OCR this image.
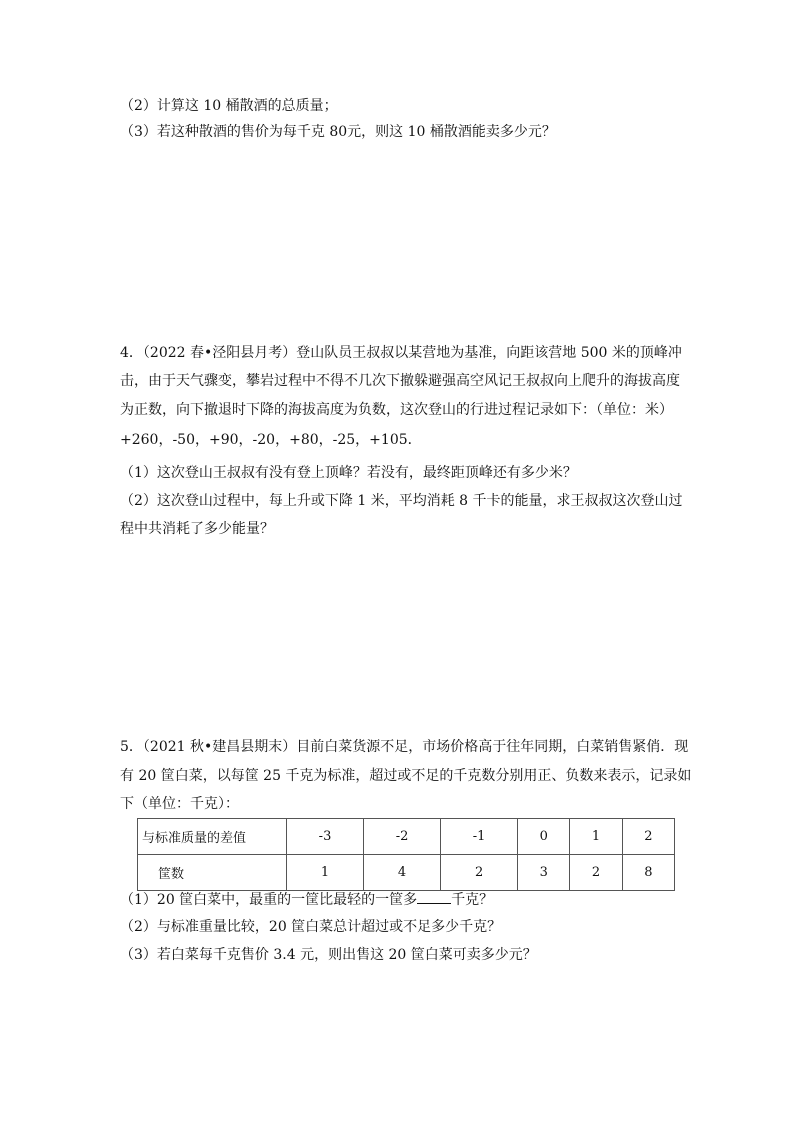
（2）计算这 10 桶散酒的总质量；
（3）若这种散酒的售价为每千克 80元，则这 10 桶散酒能卖多少元？
4．（2022 春•泾阳县月考）登山队员王叔叔以某营地为基准，向距该营地 500 米的顶峰冲
击，由于天气骤变，攀岩过程中不得不几次下撤躲避强高空风记王叔叔向上爬升的海拔高度
为正数，向下撤退时下降的海拔高度为负数，这次登山的行进过程记录如下：（单位：米）
+260，-50，+90，-20，+80，-25，+105．
（1）这次登山王叔叔有没有登上顶峰？若没有，最终距顶峰还有多少米？
（2）这次登山过程中，每上升或下降 1 米，平均消耗 8 千卡的能量，求王叔叔这次登山过
程中共消耗了多少能量？
5．（2021 秋•建昌县期末）目前白菜货源不足，市场价格高于往年同期，白菜销售紧俏．现
有 20 筐白菜，以每筐 25 千克为标准，超过或不足的千克数分别用正、负数来表示，记录如
下（单位：千克）：
与标准质量的差值	-3	-2	-1	0	1	2
筐数	1	4	2	3	2	8
（1）20 筐白菜中，最重的一筐比最轻的一筐多 千克？
（2）与标准重量比较，20 筐白菜总计超过或不足多少千克？
（3）若白菜每千克售价 3.4 元，则出售这 20 筐白菜可卖多少元？
